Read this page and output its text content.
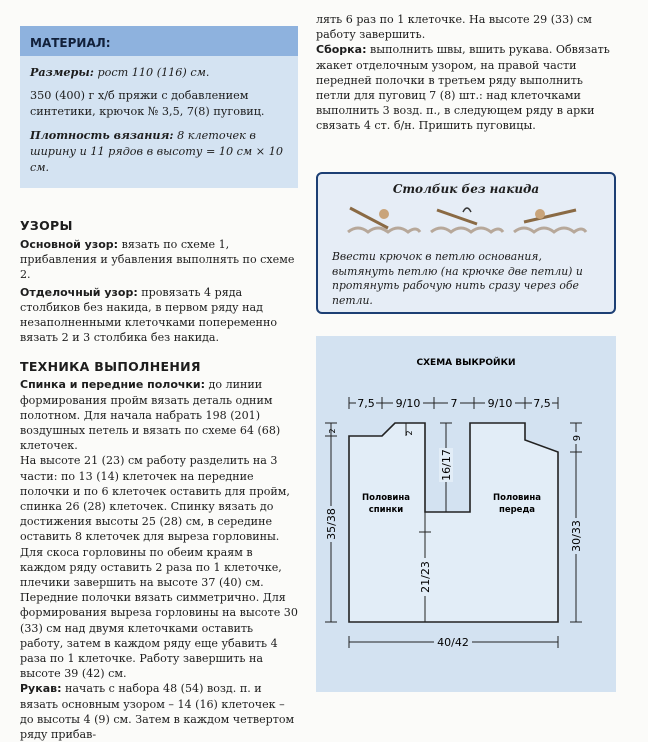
МАТЕРИАЛ:

Размеры: рост 110 (116) см.

350 (400) г х/б пряжи с добавлением синтетики, крючок № 3,5, 7(8) пуговиц.

Плотность вязания: 8 клеточек в ширину и 11 рядов в высоту = 10 см × 10 см.

УЗОРЫ

Основной узор: вязать по схеме 1, прибавления и убавления выполнять по схеме 2.

Отделочный узор: провязать 4 ряда столбиков без накида, в первом ряду над незаполненными клеточками попеременно вязать 2 и 3 столбика без накида.

ТЕХНИКА ВЫПОЛНЕНИЯ

Спинка и передние полочки: до линии формирования пройм вязать деталь одним полотном. Для начала набрать 198 (201) воздушных петель и вязать по схеме 64 (68) клеточек.

На высоте 21 (23) см работу разделить на 3 части: по 13 (14) клеточек на передние полочки и по 6 клеточек оставить для пройм, спинка 26 (28) клеточек. Спинку вязать до достижения высоты 25 (28) см, в середине оставить 8 клеточек для выреза горловины. Для скоса горловины по обеим краям в каждом ряду оставить 2 раза по 1 клеточке, плечики завершить на высоте 37 (40) см. Передние полочки вязать симметрично. Для формирования выреза горловины на высоте 30 (33) см над двумя клеточками оставить работу, затем в каждом ряду еще убавить 4 раза по 1 клеточке. Работу завершить на высоте 39 (42) см.

Рукав: начать с набора 48 (54) возд. п. и вязать основным узором – 14 (16) клеточек – до высоты 4 (9) см. Затем в каждом четвертом ряду прибав-

лять 6 раз по 1 клеточке. На высоте 29 (33) см работу завершить.

Сборка: выполнить швы, вшить рукава. Обвязать жакет отделочным узором, на правой части передней полочки в третьем ряду выполнить петли для пуговиц 7 (8) шт.: над клеточками выполнить 3 возд. п., в следующем ряду в арки связать 4 ст. б/н. Пришить пуговицы.

Столбик без накида

Ввести крючок в петлю основания, вытянуть петлю (на крючке две петли) и протянуть рабочую нить сразу через обе петли.
СХЕМА ВЫКРОЙКИ
7,5 9/10	7	9/10 7,5
2
35/38
9
30/33
16/17
2
21/23
40/42
Половина
спинки
Половина
переда
